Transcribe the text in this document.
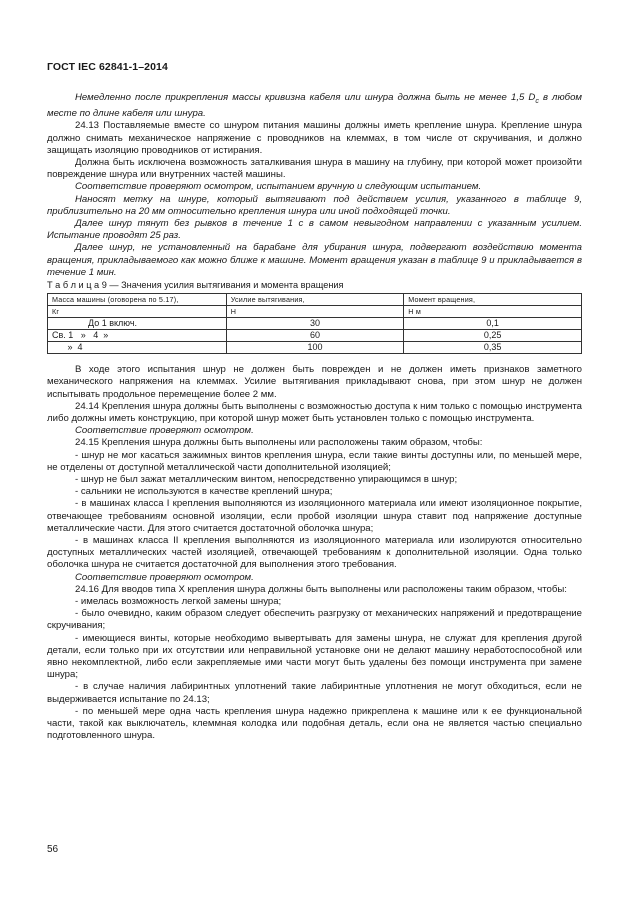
ГОСТ IEC 62841-1–2014

Немедленно после прикрепления массы кривизна кабеля или шнура должна быть не менее 1,5 $D_c$ в любом месте по длине кабеля или шнура.

24.13 Поставляемые вместе со шнуром питания машины должны иметь крепление шнура. Крепление шнура должно снимать механическое напряжение с проводников на клеммах, в том числе от скручивания, и должно защищать изоляцию проводников от истирания.

Должна быть исключена возможность заталкивания шнура в машину на глубину, при которой может произойти повреждение шнура или внутренних частей машины.

Соответствие проверяют осмотром, испытанием вручную и следующим испытанием.

Наносят метку на шнуре, который вытягивают под действием усилия, указанного в таблице 9, приблизительно на 20 мм относительно крепления шнура или иной подходящей точки.

Далее шнур тянут без рывков в течение 1 с в самом невыгодном направлении с указанным усилием. Испытание проводят 25 раз.

Далее шнур, не установленный на барабане для убирания шнура, подвергают воздействию момента вращения, прикладываемого как можно ближе к машине. Момент вращения указан в таблице 9 и прикладывается в течение 1 мин.

Т а б л и ц а 9 — Значения усилия вытягивания и момента вращения

Масса машины (оговорена по 5.17),	Усилие вытягивания,	Момент вращения,
Кг	Н	Н м
До 1 включ.	30	0,1
Св. 1   »   4  »	60	0,25
»  4	100	0,35

В ходе этого испытания шнур не должен быть поврежден и не должен иметь признаков заметного механического напряжения на клеммах. Усилие вытягивания прикладывают снова, при этом шнур не должен испытывать продольное перемещение более 2 мм.

24.14 Крепления шнура должны быть выполнены с возможностью доступа к ним только с помощью инструмента либо должны иметь конструкцию, при которой шнур может быть установлен только с помощью инструмента.

Соответствие проверяют осмотром.

24.15 Крепления шнура должны быть выполнены или расположены таким образом, чтобы:

- шнур не мог касаться зажимных винтов крепления шнура, если такие винты доступны или, по меньшей мере, не отделены от доступной металлической части дополнительной изоляцией;

- шнур не был зажат металлическим винтом, непосредственно упирающимся в шнур;

- сальники не используются в качестве креплений шнура;

- в машинах класса I крепления выполняются из изоляционного материала или имеют изоляционное покрытие, отвечающее требованиям основной изоляции, если пробой изоляции шнура ставит под напряжение доступные металлические части. Для этого считается достаточной оболочка шнура;

- в машинах класса II крепления выполняются из изоляционного материала или изолируются относительно доступных металлических частей изоляцией, отвечающей требованиям к дополнительной изоляции. Одна только оболочка шнура не считается достаточной для выполнения этого требования.

Соответствие проверяют осмотром.

24.16 Для вводов типа X крепления шнура должны быть выполнены или расположены таким образом, чтобы:

- имелась возможность легкой замены шнура;

- было очевидно, каким образом следует обеспечить разгрузку от механических напряжений и предотвращение скручивания;

- имеющиеся винты, которые необходимо вывертывать для замены шнура, не служат для крепления другой детали, если только при их отсутствии или неправильной установке они не делают машину неработоспособной или явно некомплектной, либо если закрепляемые ими части могут быть удалены без помощи инструмента при замене шнура;

- в случае наличия лабиринтных уплотнений такие лабиринтные уплотнения не могут обходиться, если не выдерживается испытание по 24.13;

- по меньшей мере одна часть крепления шнура надежно прикреплена к машине или к ее функциональной части, такой как выключатель, клеммная колодка или подобная деталь, если она не является частью специально подготовленного шнура.

56
